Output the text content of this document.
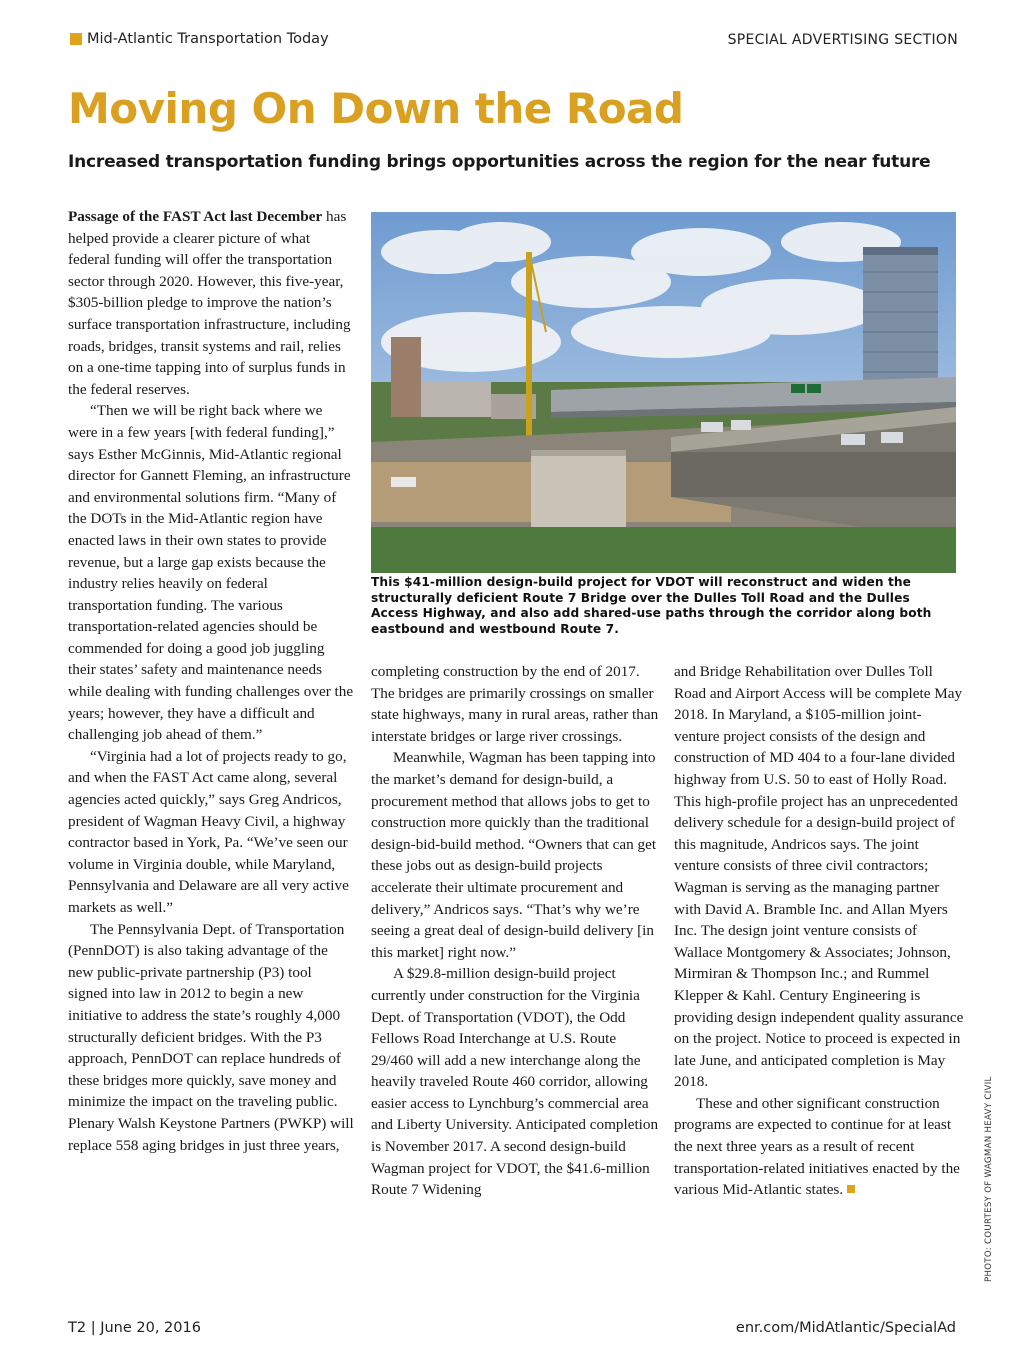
Mid-Atlantic Transportation Today	SPECIAL ADVERTISING SECTION
Moving On Down the Road
Increased transportation funding brings opportunities across the region for the near future

Passage of the FAST Act last December has helped provide a clearer picture of what federal funding will offer the transportation sector through 2020. However, this five-year, $305-billion pledge to improve the nation’s surface transportation infrastructure, including roads, bridges, transit systems and rail, relies on a one-time tapping into of surplus funds in the federal reserves.

“Then we will be right back where we were in a few years [with federal funding],” says Esther McGinnis, Mid-Atlantic regional director for Gannett Fleming, an infrastructure and environmental solutions firm. “Many of the DOTs in the Mid-Atlantic region have enacted laws in their own states to provide revenue, but a large gap exists because the industry relies heavily on federal transportation funding. The various transportation-related agencies should be commended for doing a good job juggling their states’ safety and maintenance needs while dealing with funding challenges over the years; however, they have a difficult and challenging job ahead of them.”

“Virginia had a lot of projects ready to go, and when the FAST Act came along, several agencies acted quickly,” says Greg Andricos, president of Wagman Heavy Civil, a highway contractor based in York, Pa. “We’ve seen our volume in Virginia double, while Maryland, Pennsylvania and Delaware are all very active markets as well.”

The Pennsylvania Dept. of Transportation (PennDOT) is also taking advantage of the new public-private partnership (P3) tool signed into law in 2012 to begin a new initiative to address the state’s roughly 4,000 structurally deficient bridges. With the P3 approach, PennDOT can replace hundreds of these bridges more quickly, save money and minimize the impact on the traveling public. Plenary Walsh Keystone Partners (PWKP) will replace 558 aging bridges in just three years,

This $41-million design-build project for VDOT will reconstruct and widen the structurally deficient Route 7 Bridge over the Dulles Toll Road and the Dulles Access Highway, and also add shared-use paths through the corridor along both eastbound and westbound Route 7.

completing construction by the end of 2017. The bridges are primarily crossings on smaller state highways, many in rural areas, rather than interstate bridges or large river crossings.

Meanwhile, Wagman has been tapping into the market’s demand for design-build, a procurement method that allows jobs to get to construction more quickly than the traditional design-bid-build method. “Owners that can get these jobs out as design-build projects accelerate their ultimate procurement and delivery,” Andricos says. “That’s why we’re seeing a great deal of design-build delivery [in this market] right now.”

A $29.8-million design-build project currently under construction for the Virginia Dept. of Transportation (VDOT), the Odd Fellows Road Interchange at U.S. Route 29/460 will add a new interchange along the heavily traveled Route 460 corridor, allowing easier access to Lynchburg’s commercial area and Liberty University. Anticipated completion is November 2017. A second design-build Wagman project for VDOT, the $41.6-million Route 7 Widening

and Bridge Rehabilitation over Dulles Toll Road and Airport Access will be complete May 2018. In Maryland, a $105-million joint-venture project consists of the design and construction of MD 404 to a four-lane divided highway from U.S. 50 to east of Holly Road. This high-profile project has an unprecedented delivery schedule for a design-build project of this magnitude, Andricos says. The joint venture consists of three civil contractors; Wagman is serving as the managing partner with David A. Bramble Inc. and Allan Myers Inc. The design joint venture consists of Wallace Montgomery & Associates; Johnson, Mirmiran & Thompson Inc.; and Rummel Klepper & Kahl. Century Engineering is providing design independent quality assurance on the project. Notice to proceed is expected in late June, and anticipated completion is May 2018.

These and other significant construction programs are expected to continue for at least the next three years as a result of recent transportation-related initiatives enacted by the various Mid-Atlantic states.	PHOTO: COURTESY OF WAGMAN HEAVY CIVIL
T2 | June 20, 2016	enr.com/MidAtlantic/SpecialAd
